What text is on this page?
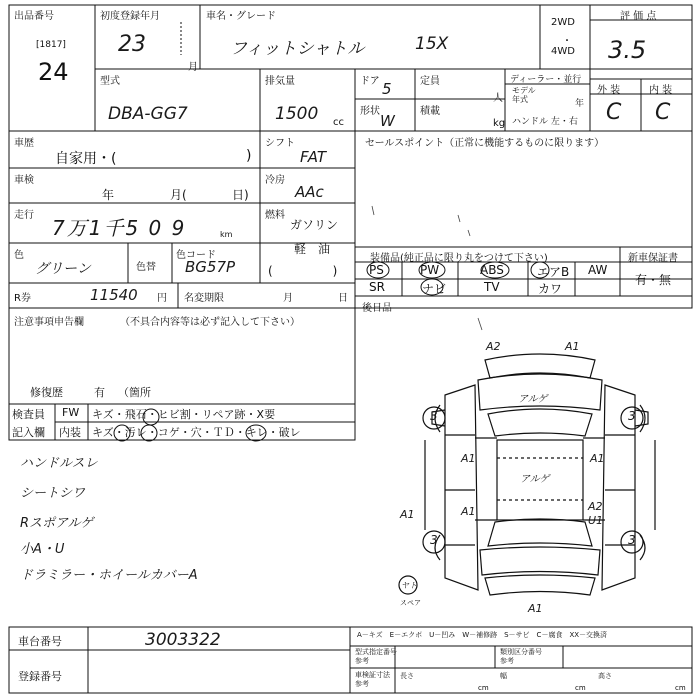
出品番号
[1817]
24
初度登録年月
23
月
車名・グレード
フィットシャトル	15X
2WD
・
4WD
評 価 点
3.5
型式
DBA-GG7
排気量
1500 cc
ドア 5
形状
W
定員
人
積載
kg
ディーラー・並行
モデル
年式	年
ハンドル 左・右
外 装	内 装
C C
車歴
自家用・(	)
シフト
FAT
セールスポイント（正常に機能するものに限ります）
車検
年	月(	日)
冷房
AAc
走行
7万1千5 0 9	km
燃料
ガソリン
軽　油
(　　　　　)
色
グリーン	色替
色コード
BG57P	装備品(純正品に限り丸をつけて下さい)	新車保証書
有・無
PS	PW	ABS	エアB AW
SR	ナビ	TV	カワ
R券	11540 円 名変期限	月	日
後日品
注意事項申告欄	（不具合内容等は必ず記入して下さい）
修復歴	有 （箇所
検査員
記入欄
FW キズ・飛石・ヒビ割・リペア跡・X要
内装 キズ・汚レ・コゲ・穴・ＴＤ・キレ・破レ
ハンドルスレ
シートシワ
Rスポアルゲ
小A・U
ドラミラー・ホイールカバーA
A2	A1
アルゲ
アルゲ
A1	A1
A1	A1	A2
U1
3	3
3	3
ヤト
スペア	A1
A－キズ　E－エクボ　U－凹み　W－補修跡　S－サビ　C－腐食　XX－交換済
車台番号	3003322
登録番号
型式指定番号
参考
類別区分番号
参考
車検証寸法
参考
長さ
cm
幅
cm
高さ
cm
